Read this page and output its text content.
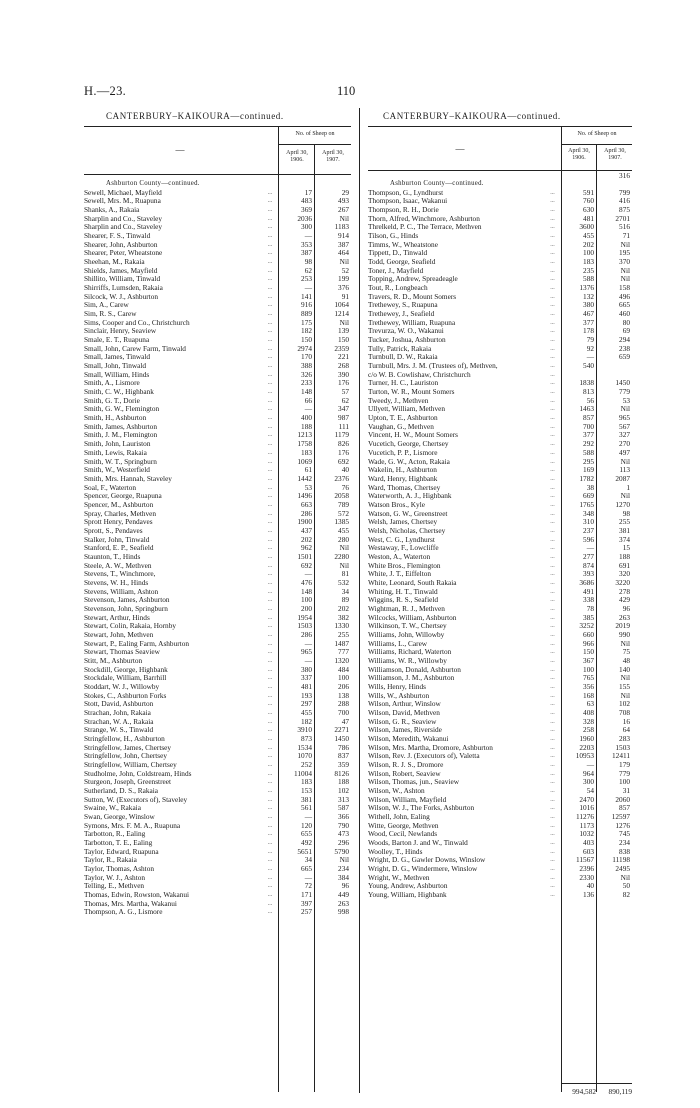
H.—23.	110
CANTERBURY–KAIKOURA—continued.
No. of Sheep on
April 30, 1906.
April 30, 1907.
—
Ashburton County—continued.
Sewell, Michael, Mayfield	...	17	29
Sewell, Mrs. M., Ruapuna	...	483	493
Shanks, A., Rakaia	...	369	267
Sharplin and Co., Staveley	...	2036	Nil
Sharplin and Co., Staveley	...	300	1183
Shearer, F. S., Tinwald	...	—	914
Shearer, John, Ashburton	...	353	387
Shearer, Peter, Wheatstone	...	387	464
Sheehan, M., Rakaia	...	98	Nil
Shields, James, Mayfield	...	62	52
Shillito, William, Tinwald	...	253	199
Shirriffs, Lumsden, Rakaia	...	—	376
Silcock, W. J., Ashburton	...	141	91
Sim, A., Carew	...	916	1064
Sim, R. S., Carew	...	889	1214
Sims, Cooper and Co., Christchurch	...	175	Nil
Sinclair, Henry, Seaview	...	182	139
Smale, E. T., Ruapuna	...	150	150
Small, John, Carew Farm, Tinwald	...	2974	2359
Small, James, Tinwald	...	170	221
Small, John, Tinwald	...	388	268
Small, William, Hinds	...	326	390
Smith, A., Lismore	...	233	176
Smith, C. W., Highbank	...	148	57
Smith, G. T., Dorie	...	66	62
Smith, G. W., Flemington	...	—	347
Smith, H., Ashburton	...	400	987
Smith, James, Ashburton	...	188	111
Smith, J. M., Flemington	...	1213	1179
Smith, John, Lauriston	...	1758	826
Smith, Lewis, Rakaia	...	183	176
Smith, W. T., Springburn	...	1069	692
Smith, W., Westerfield	...	61	40
Smith, Mrs. Hannah, Staveley	...	1442	2376
Soal, F., Waterton	...	53	76
Spencer, George, Ruapuna	...	1496	2058
Spencer, M., Ashburton	...	663	789
Spray, Charles, Methven	...	286	572
Sprott Henry, Pendaves	...	1900	1385
Sprott, S., Pendaves	...	437	455
Stalker, John, Tinwald	...	202	280
Stanford, E. P., Seafield	...	962	Nil
Staunton, T., Hinds	...	1501	2280
Steele, A. W., Methven	...	692	Nil
Stevens, T., Winchmore,	...	—	81
Stevens, W. H., Hinds	...	476	532
Stevens, William, Ashton	...	148	34
Stevenson, James, Ashburton	...	100	89
Stevenson, John, Springburn	...	200	202
Stewart, Arthur, Hinds	...	1954	382
Stewart, Colin, Rakaia, Hornby	...	1503	1330
Stewart, John, Methven	...	286	255
Stewart, P., Ealing Farm, Ashburton	...	—	1487
Stewart, Thomas Seaview	...	965	777
Stitt, M., Ashburton	...	—	1320
Stockdill, George, Highbank	...	380	484
Stockdale, William, Barrhill	...	337	100
Stoddart, W. J., Willowby	...	481	206
Stokes, C., Ashburton Forks	...	193	138
Stott, David, Ashburton	...	297	288
Strachan, John, Rakaia	...	455	700
Strachan, W. A., Rakaia	...	182	47
Strange, W. S., Tinwald	...	3910	2271
Stringfellow, H., Ashburton	...	873	1450
Stringfellow, James, Chertsey	...	1534	786
Stringfellow, John, Chertsey	...	1070	837
Stringfellow, William, Chertsey	...	252	359
Studholme, John, Coldstream, Hinds	...	11004	8126
Sturgeon, Joseph, Greenstreet	...	183	188
Sutherland, D. S., Rakaia	...	153	102
Sutton, W. (Executors of), Staveley	...	381	313
Swaine, W., Rakaia	...	561	587
Swan, George, Winslow	...	—	366
Symons, Mrs. F. M. A., Ruapuna	...	120	790
Tarbotton, R., Ealing	...	655	473
Tarbotton, T. E., Ealing	...	492	296
Taylor, Edward, Ruapuna	...	5651	5790
Taylor, R., Rakaia	...	34	Nil
Taylor, Thomas, Ashton	...	665	234
Taylor, W. J., Ashton	...	—	384
Telling, E., Methven	...	72	96
Thomas, Edwin, Rowston, Wakanui	...	171	449
Thomas, Mrs. Martha, Wakanui	...	397	263
Thompson, A. G., Lismore	...	257	998
CANTERBURY–KAIKOURA—continued.
No. of Sheep on
April 30, 1906.
April 30, 1907.
—
316
Ashburton County—continued.
Thompson, G., Lyndhurst	...	591	799
Thompson, Isaac, Wakanui	...	760	416
Thompson, R. H., Dorie	...	630	875
Thorn, Alfred, Winchmore, Ashburton	...	481	2701
Threlkeld, P. C., The Terrace, Methven	...	3600	516
Tilson, G., Hinds	...	455	71
Timms, W., Wheatstone	...	202	Nil
Tippett, D., Tinwald	...	100	195
Todd, George, Seafield	...	183	370
Toner, J., Mayfield	...	235	Nil
Topping, Andrew, Spreadeagle	...	588	Nil
Tout, R., Longbeach	...	1376	158
Travers, R. D., Mount Somers	...	132	496
Trethewey, S., Ruapuna	...	380	665
Trethewey, J., Seafield	...	467	460
Trethewey, William, Ruapuna	...	377	80
Trevurza, W. O., Wakanui	...	178	69
Tucker, Joshua, Ashburton	...	79	294
Tully, Patrick, Rakaia	...	92	238
Turnbull, D. W., Rakaia	...	—	659
Turnbull, Mrs. J. M. (Trustees of), Methven,	...	540
c/o W. B. Cowlishaw, Christchurch	...
Turner, H. C., Lauriston	...	1838	1450
Turton, W. R., Mount Somers	...	813	779
Tweedy, J., Methven	...	56	53
Ullyett, William, Methven	...	1463	Nil
Upton, T. E., Ashburton	...	857	965
Vaughan, G., Methven	...	700	567
Vincent, H. W., Mount Somers	...	377	327
Vucetich, George, Chertsey	...	292	270
Vucetich, P. P., Lismore	...	588	497
Wade, G. W., Acton, Rakaia	...	295	Nil
Wakelin, H., Ashburton	...	169	113
Ward, Henry, Highbank	...	1782	2087
Ward, Thomas, Chertsey	...	38	1
Waterworth, A. J., Highbank	...	669	Nil
Watson Bros., Kyle	...	1765	1270
Watson, G. W., Greenstreet	...	348	98
Welsh, James, Chertsey	...	310	255
Welsh, Nicholas, Chertsey	...	237	381
West, C. G., Lyndhurst	...	596	374
Westaway, F., Lowcliffe	...	—	15
Weston, A., Waterton	...	277	188
White Bros., Flemington	...	874	691
White, J. T., Eiffelton	...	393	320
White, Leonard, South Rakaia	...	3686	3220
Whiting, H. T., Tinwald	...	491	278
Wiggins, R. S., Seafield	...	338	429
Wightman, R. J., Methven	...	78	96
Wilcocks, William, Ashburton	...	385	263
Wilkinson, T. W., Chertsey	...	3252	2019
Williams, John, Willowby	...	660	990
Williams, L., Carew	...	966	Nil
Williams, Richard, Waterton	...	150	75
Williams, W. R., Willowby	...	367	48
Williamson, Donald, Ashburton	...	100	140
Williamson, J. M., Ashburton	...	765	Nil
Wills, Henry, Hinds	...	356	155
Wills, W., Ashburton	...	168	Nil
Wilson, Arthur, Winslow	...	63	102
Wilson, David, Methven	...	408	708
Wilson, G. R., Seaview	...	328	16
Wilson, James, Riverside	...	258	64
Wilson, Meredith, Wakanui	...	1960	283
Wilson, Mrs. Martha, Dromore, Ashburton	...	2203	1503
Wilson, Rev. J. (Executors of), Valetta	...	10953	12411
Wilson, R. J. S., Dromore	...	—	179
Wilson, Robert, Seaview	...	964	779
Wilson, Thomas, jun., Seaview	...	300	100
Wilson, W., Ashton	...	54	31
Wilson, William, Mayfield	...	2470	2060
Wilson, W. J., The Forks, Ashburton	...	1016	857
Withell, John, Ealing	...	11276	12597
Witte, George, Methven	...	1173	1276
Wood, Cecil, Newlands	...	1032	745
Woods, Barton J. and W., Tinwald	...	403	234
Woolley, T., Hinds	...	603	838
Wright, D. G., Gawler Downs, Winslow	...	11567	11198
Wright, D. G., Windermere, Winslow	...	2396	2495
Wright, W., Methven	...	2330	Nil
Young, Andrew, Ashburton	...	40	50
Young, William, Highbank	...	136	82
994,582	890,119
